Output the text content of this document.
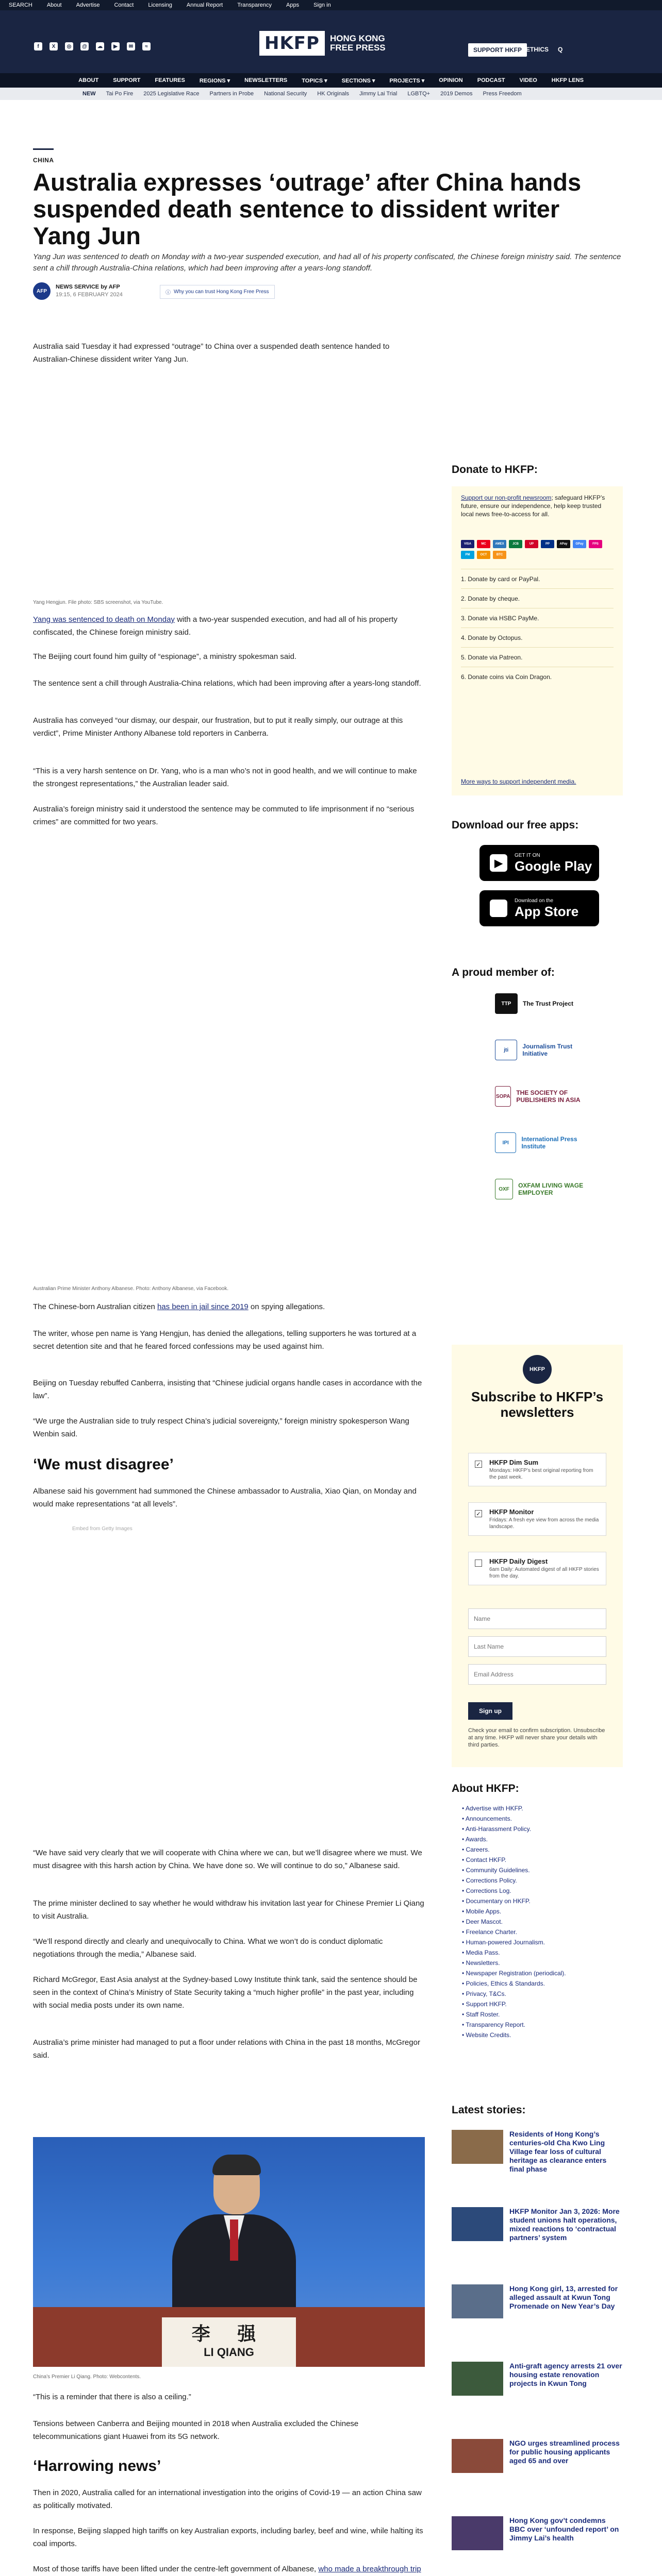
SEARCH	About	Advertise	Contact	Licensing	Annual Report	Transparency	Apps	Sign in
f	X	◎	@	☁	▶	✉	≈	HKFP	HONG KONG FREE PRESS	SUPPORT HKFP ETHICS Q
ABOUT	SUPPORT	FEATURES	REGIONS ▾	NEWSLETTERS	TOPICS ▾	SECTIONS ▾	PROJECTS ▾	OPINION	PODCAST	VIDEO	HKFP LENS
NEW Tai Po Fire 2025 Legislative Race Partners in Probe National Security HK Originals Jimmy Lai Trial LGBTQ+ 2019 Demos Press Freedom
CHINA
Australia expresses ‘outrage’ after China hands suspended death sentence to dissident writer Yang Jun

Yang Jun was sentenced to death on Monday with a two-year suspended execution, and had all of his property confiscated, the Chinese foreign ministry said. The sentence sent a chill through Australia-China relations, which had been improving after a years-long standoff.

AFP
NEWS SERVICE by AFP
19:15, 6 FEBRUARY 2024	ⓘ Why you can trust Hong Kong Free Press

Australia said Tuesday it had expressed “outrage” to China over a suspended death sentence handed to Australian-Chinese dissident writer Yang Jun.

Yang Hengjun. File photo: SBS screenshot, via YouTube.

Yang was sentenced to death on Monday with a two-year suspended execution, and had all of his property confiscated, the Chinese foreign ministry said.

The Beijing court found him guilty of “espionage”, a ministry spokesman said.

The sentence sent a chill through Australia-China relations, which had been improving after a years-long standoff.

Australia has conveyed “our dismay, our despair, our frustration, but to put it really simply, our outrage at this verdict”, Prime Minister Anthony Albanese told reporters in Canberra.

“This is a very harsh sentence on Dr. Yang, who is a man who’s not in good health, and we will continue to make the strongest representations,” the Australian leader said.

Australia’s foreign ministry said it understood the sentence may be commuted to life imprisonment if no “serious crimes” are committed for two years.

Australian Prime Minister Anthony Albanese. Photo: Anthony Albanese, via Facebook.

The Chinese-born Australian citizen has been in jail since 2019 on spying allegations.

The writer, whose pen name is Yang Hengjun, has denied the allegations, telling supporters he was tortured at a secret detention site and that he feared forced confessions may be used against him.

Beijing on Tuesday rebuffed Canberra, insisting that “Chinese judicial organs handle cases in accordance with the law”.

“We urge the Australian side to truly respect China’s judicial sovereignty,” foreign ministry spokesperson Wang Wenbin said.

‘We must disagree’

Albanese said his government had summoned the Chinese ambassador to Australia, Xiao Qian, on Monday and would make representations “at all levels”.

Embed from Getty Images

“We have said very clearly that we will cooperate with China where we can, but we’ll disagree where we must. We must disagree with this harsh action by China. We have done so. We will continue to do so,” Albanese said.

The prime minister declined to say whether he would withdraw his invitation last year for Chinese Premier Li Qiang to visit Australia.

“We’ll respond directly and clearly and unequivocally to China. What we won’t do is conduct diplomatic negotiations through the media,” Albanese said.

Richard McGregor, East Asia analyst at the Sydney-based Lowy Institute think tank, said the sentence should be seen in the context of China’s Ministry of State Security taking a “much higher profile” in the past year, including with social media posts under its own name.

Australia’s prime minister had managed to put a floor under relations with China in the past 18 months, McGregor said.

李 强
LI QIANG
China’s Premier Li Qiang. Photo: Webcontents.

“This is a reminder that there is also a ceiling.”

Tensions between Canberra and Beijing mounted in 2018 when Australia excluded the Chinese telecommunications giant Huawei from its 5G network.

‘Harrowing news’

Then in 2020, Australia called for an international investigation into the origins of Covid-19 — an action China saw as politically motivated.

In response, Beijing slapped high tariffs on key Australian exports, including barley, beef and wine, while halting its coal imports.

Most of those tariffs have been lifted under the centre-left government of Albanese, who made a breakthrough trip

Donate to HKFP:

Support our non-profit newsroom; safeguard HKFP’s future, ensure our independence, help keep trusted local news free-to-access for all.

VISA	MC	AMEX	JCB	UP	PP	APay	GPay	FPS
PM	OCT	BTC
1. Donate by card or PayPal.
2. Donate by cheque.
3. Donate via HSBC PayMe.
4. Donate by Octopus.
5. Donate via Patreon.
6. Donate coins via Coin Dragon.
More ways to support independent media.
Download our free apps:
▶
GET IT ON
Google Play
Download on the
App Store
A proud member of:
TTP	The Trust Project
jti	Journalism Trust Initiative
SOPA THE SOCIETY OF PUBLISHERS IN ASIA
IPI	International Press Institute
OXF	OXFAM LIVING WAGE EMPLOYER
HKFP
Subscribe to HKFP’s newsletters
✓ HKFP Dim Sum
Mondays: HKFP’s best original reporting from the past week.
✓ HKFP Monitor
Fridays: A fresh eye view from across the media landscape.
HKFP Daily Digest
6am Daily: Automated digest of all HKFP stories from the day.
Name
Last Name
Email Address
Sign up

Check your email to confirm subscription. Unsubscribe at any time. HKFP will never share your details with third parties.

About HKFP:
• Advertise with HKFP.
• Announcements.
• Anti-Harassment Policy.
• Awards.
• Careers.
• Contact HKFP.
• Community Guidelines.
• Corrections Policy.
• Corrections Log.
• Documentary on HKFP.
• Mobile Apps.
• Deer Mascot.
• Freelance Charter.
• Human-powered Journalism.
• Media Pass.
• Newsletters.
• Newspaper Registration (periodical).
• Policies, Ethics & Standards.
• Privacy, T&Cs.
• Support HKFP.
• Staff Roster.
• Transparency Report.
• Website Credits.
Latest stories:
Residents of Hong Kong’s centuries-old Cha Kwo Ling Village fear loss of cultural heritage as clearance enters final phase
HKFP Monitor Jan 3, 2026: More student unions halt operations, mixed reactions to ‘contractual partners’ system
Hong Kong girl, 13, arrested for alleged assault at Kwun Tong Promenade on New Year’s Day
Anti-graft agency arrests 21 over housing estate renovation projects in Kwun Tong
NGO urges streamlined process for public housing applicants aged 65 and over
Hong Kong gov’t condemns BBC over ‘unfounded report’ on Jimmy Lai’s health
